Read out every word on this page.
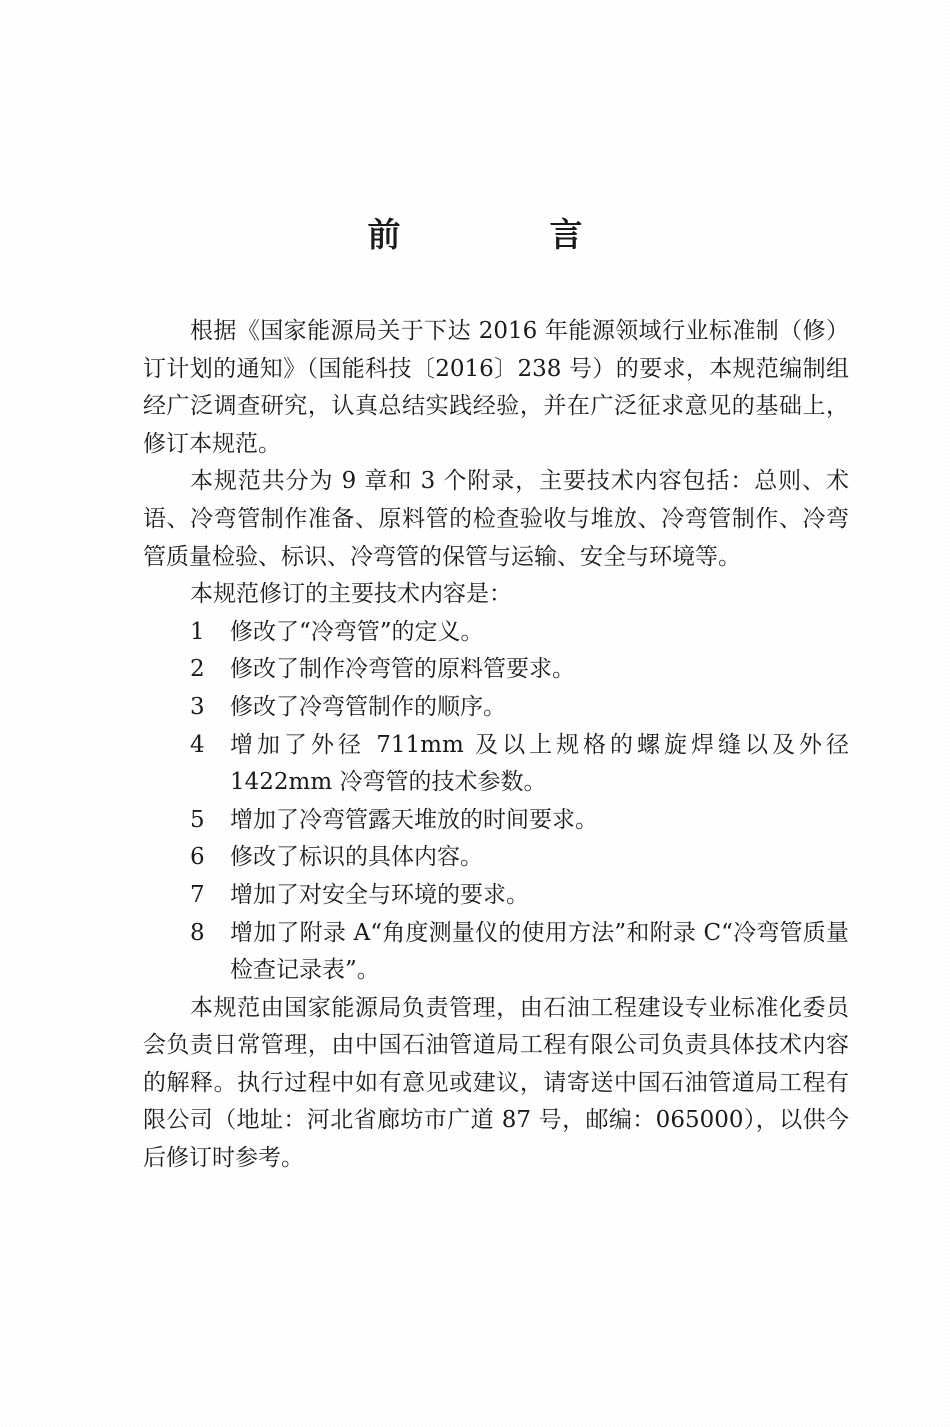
前　言

根据《国家能源局关于下达 2016 年能源领域行业标准制（修）订计划的通知》（国能科技〔2016〕238 号）的要求，本规范编制组经广泛调查研究，认真总结实践经验，并在广泛征求意见的基础上，修订本规范。

本规范共分为 9 章和 3 个附录，主要技术内容包括：总则、术语、冷弯管制作准备、原料管的检查验收与堆放、冷弯管制作、冷弯管质量检验、标识、冷弯管的保管与运输、安全与环境等。

本规范修订的主要技术内容是：

1	修改了“冷弯管”的定义。
2	修改了制作冷弯管的原料管要求。
3	修改了冷弯管制作的顺序。
4	增加了外径 711mm 及以上规格的螺旋焊缝以及外径 1422mm 冷弯管的技术参数。
5	增加了冷弯管露天堆放的时间要求。
6	修改了标识的具体内容。
7	增加了对安全与环境的要求。
8	增加了附录 A“角度测量仪的使用方法”和附录 C“冷弯管质量检查记录表”。

本规范由国家能源局负责管理，由石油工程建设专业标准化委员会负责日常管理，由中国石油管道局工程有限公司负责具体技术内容的解释。执行过程中如有意见或建议，请寄送中国石油管道局工程有限公司（地址：河北省廊坊市广道 87 号，邮编：065000），以供今后修订时参考。
